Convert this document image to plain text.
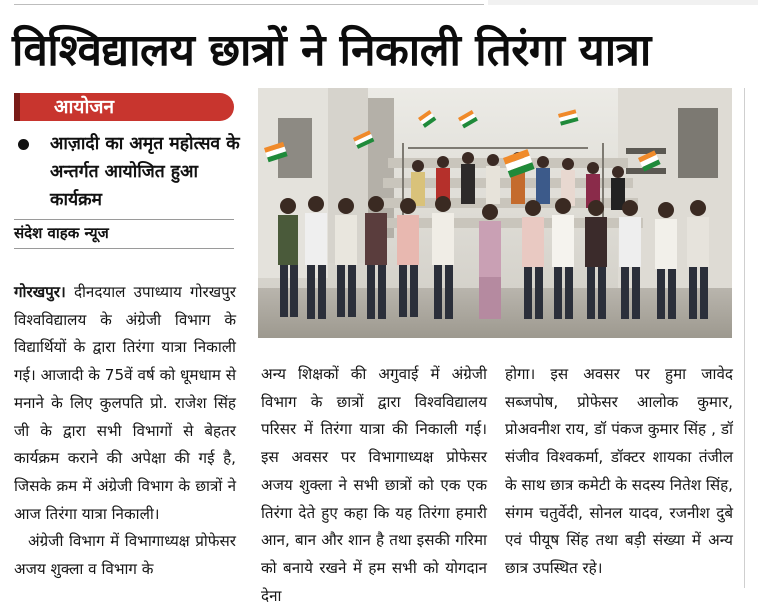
विश्विद्यालय छात्रों ने निकाली तिरंगा यात्रा
आयोजन
आज़ादी का अमृत महोत्सव के अन्तर्गत आयोजित हुआ कार्यक्रम
संदेश वाहक न्यूज

गोरखपुर। दीनदयाल उपाध्याय गोरखपुर विश्वविद्यालय के अंग्रेजी विभाग के विद्यार्थियों के द्वारा तिरंगा यात्रा निकाली गई। आजादी के 75वें वर्ष को धूमधाम से मनाने के लिए कुलपति प्रो. राजेश सिंह जी के द्वारा सभी विभागों से बेहतर कार्यक्रम कराने की अपेक्षा की गई है, जिसके क्रम में अंग्रेजी विभाग के छात्रों ने आज तिरंगा यात्रा निकाली।

अंग्रेजी विभाग में विभागाध्यक्ष प्रोफेसर अजय शुक्ला व विभाग के

अन्य शिक्षकों की अगुवाई में अंग्रेजी विभाग के छात्रों द्वारा विश्वविद्यालय परिसर में तिरंगा यात्रा की निकाली गई। इस अवसर पर विभागाध्यक्ष प्रोफेसर अजय शुक्ला ने सभी छात्रों को एक एक तिरंगा देते हुए कहा कि यह तिरंगा हमारी आन, बान और शान है तथा इसकी गरिमा को बनाये रखने में हम सभी को योगदान देना
होगा। इस अवसर पर हुमा जावेद सब्जपोष, प्रोफेसर आलोक कुमार, प्रोअवनीश राय, डॉ पंकज कुमार सिंह , डॉ संजीव विश्वकर्मा, डॉक्टर शायका तंजील के साथ छात्र कमेटी के सदस्य नितेश सिंह, संगम चतुर्वेदी, सोनल यादव, रजनीश दुबे एवं पीयूष सिंह तथा बड़ी संख्या में अन्य छात्र उपस्थित रहे।
